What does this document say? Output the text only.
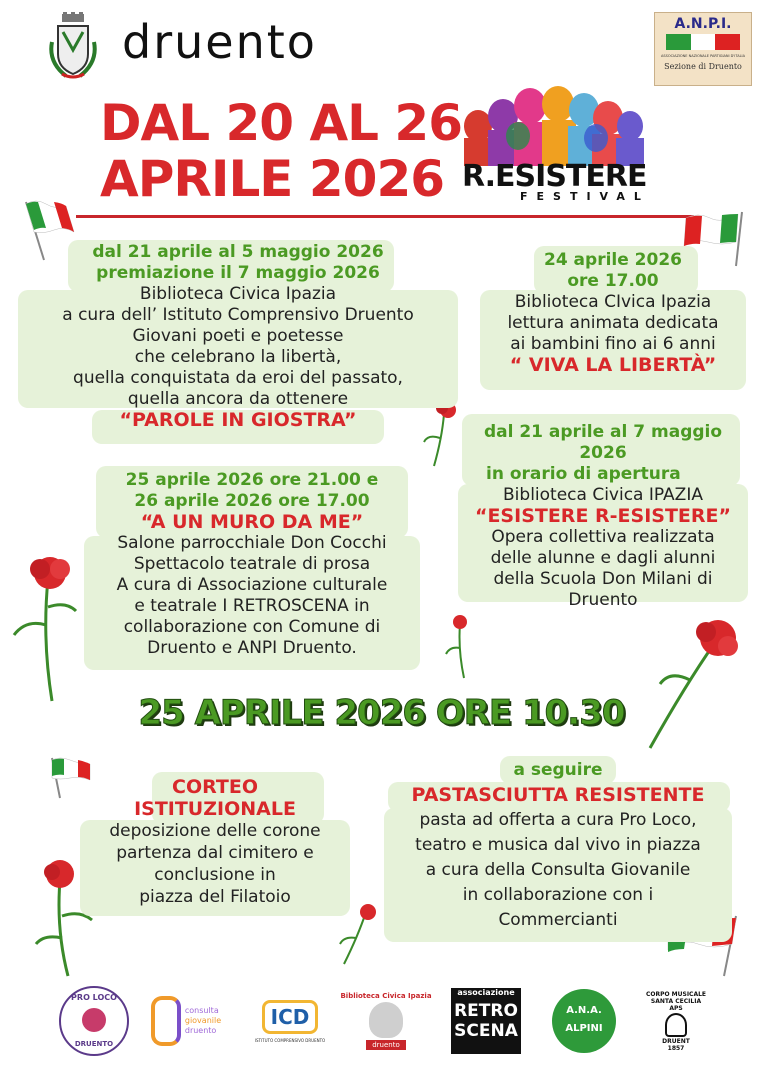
druento	A.N.P.I.
ASSOCIAZIONE NAZIONALE PARTIGIANI D'ITALIA
Sezione di Druento
DAL 20 AL 26
APRILE 2026 R.ESISTERE
FESTIVAL
dal 21 aprile al 5 maggio 2026
premiazione il 7 maggio 2026
Biblioteca Civica Ipazia
a cura dell’ Istituto Comprensivo Druento
Giovani poeti e poetesse
che celebrano la libertà,
quella conquistata da eroi del passato,
quella ancora da ottenere
“PAROLE IN GIOSTRA”
24 aprile 2026
ore 17.00
Biblioteca CIvica Ipazia
lettura animata dedicata
ai bambini fino ai 6 anni
“ VIVA LA LIBERTÀ”
dal 21 aprile al 7 maggio
2026
in orario di apertura
Biblioteca Civica IPAZIA
“ESISTERE R-ESISTERE”
Opera collettiva realizzata
delle alunne e dagli alunni
della Scuola Don Milani di
Druento
25 aprile 2026 ore 21.00 e
26 aprile 2026 ore 17.00
“A UN MURO DA ME”
Salone parrocchiale Don Cocchi
Spettacolo teatrale di prosa
A cura di Associazione culturale
e teatrale I RETROSCENA in
collaborazione con Comune di
Druento e ANPI Druento.
25 APRILE 2026 ORE 10.30
CORTEO
ISTITUZIONALE
deposizione delle corone
partenza dal cimitero e
conclusione in
piazza del Filatoio
a seguire
PASTASCIUTTA RESISTENTE
pasta ad offerta a cura Pro Loco,
teatro e musica dal vivo in piazza
a cura della Consulta Giovanile
in collaborazione con i
Commercianti
PRO LOCO
DRUENTO
consulta
giovanile
druento
ICD
ISTITUTO COMPRENSIVO DRUENTO
Biblioteca Civica Ipazia
druento
associazione
RETRO SCENA
A.N.A.
ALPINI
CORPO MUSICALE
SANTA CECILIA
APS
DRUENT
1857
